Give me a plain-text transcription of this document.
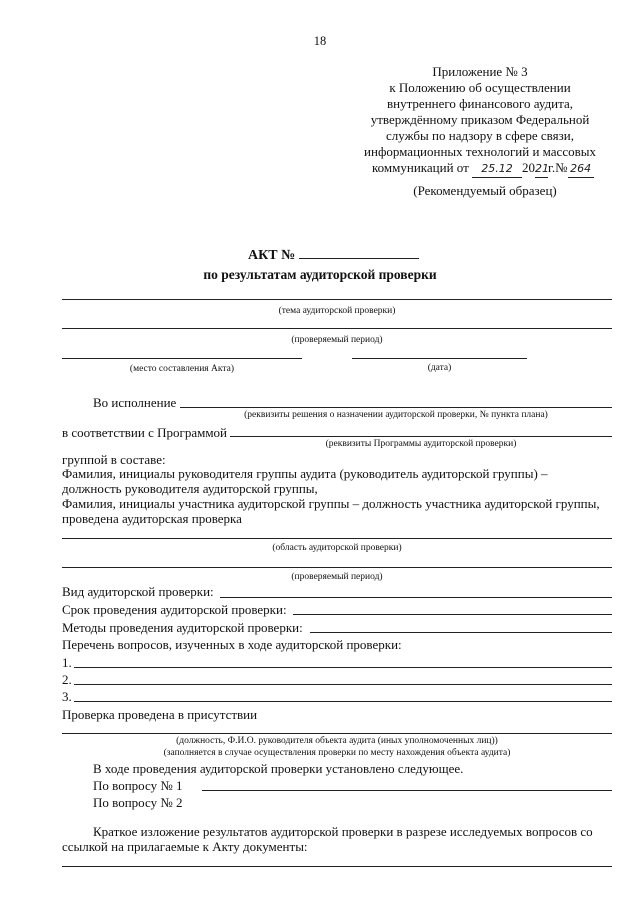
18
Приложение № 3
к Положению об осуществлении
внутреннего финансового аудита,
утверждённому приказом Федеральной
службы по надзору в сфере связи,
информационных технологий и массовых
коммуникаций от 25.12 2021г.№ 264
(Рекомендуемый образец)
АКТ №
по результатам аудиторской проверки
(тема аудиторской проверки)
(проверяемый период)
(место составления Акта)	(дата)
Во исполнение
(реквизиты решения о назначении аудиторской проверки, № пункта плана)
в соответствии с Программой
(реквизиты Программы аудиторской проверки)
группой в составе:
Фамилия, инициалы руководителя группы аудита (руководитель аудиторской группы) –
должность руководителя аудиторской группы,
Фамилия, инициалы участника аудиторской группы – должность участника аудиторской группы,
проведена аудиторская проверка
(область аудиторской проверки)
(проверяемый период)
Вид аудиторской проверки:
Срок проведения аудиторской проверки:
Методы проведения аудиторской проверки:
Перечень вопросов, изученных в ходе аудиторской проверки:
1.
2.
3.
Проверка проведена в присутствии
(должность, Ф.И.О. руководителя объекта аудита (иных уполномоченных лиц))
(заполняется в случае осуществления проверки по месту нахождения объекта аудита)
В ходе проведения аудиторской проверки установлено следующее.
По вопросу № 1
По вопросу № 2
Краткое изложение результатов аудиторской проверки в разрезе исследуемых вопросов со
ссылкой на прилагаемые к Акту документы:
